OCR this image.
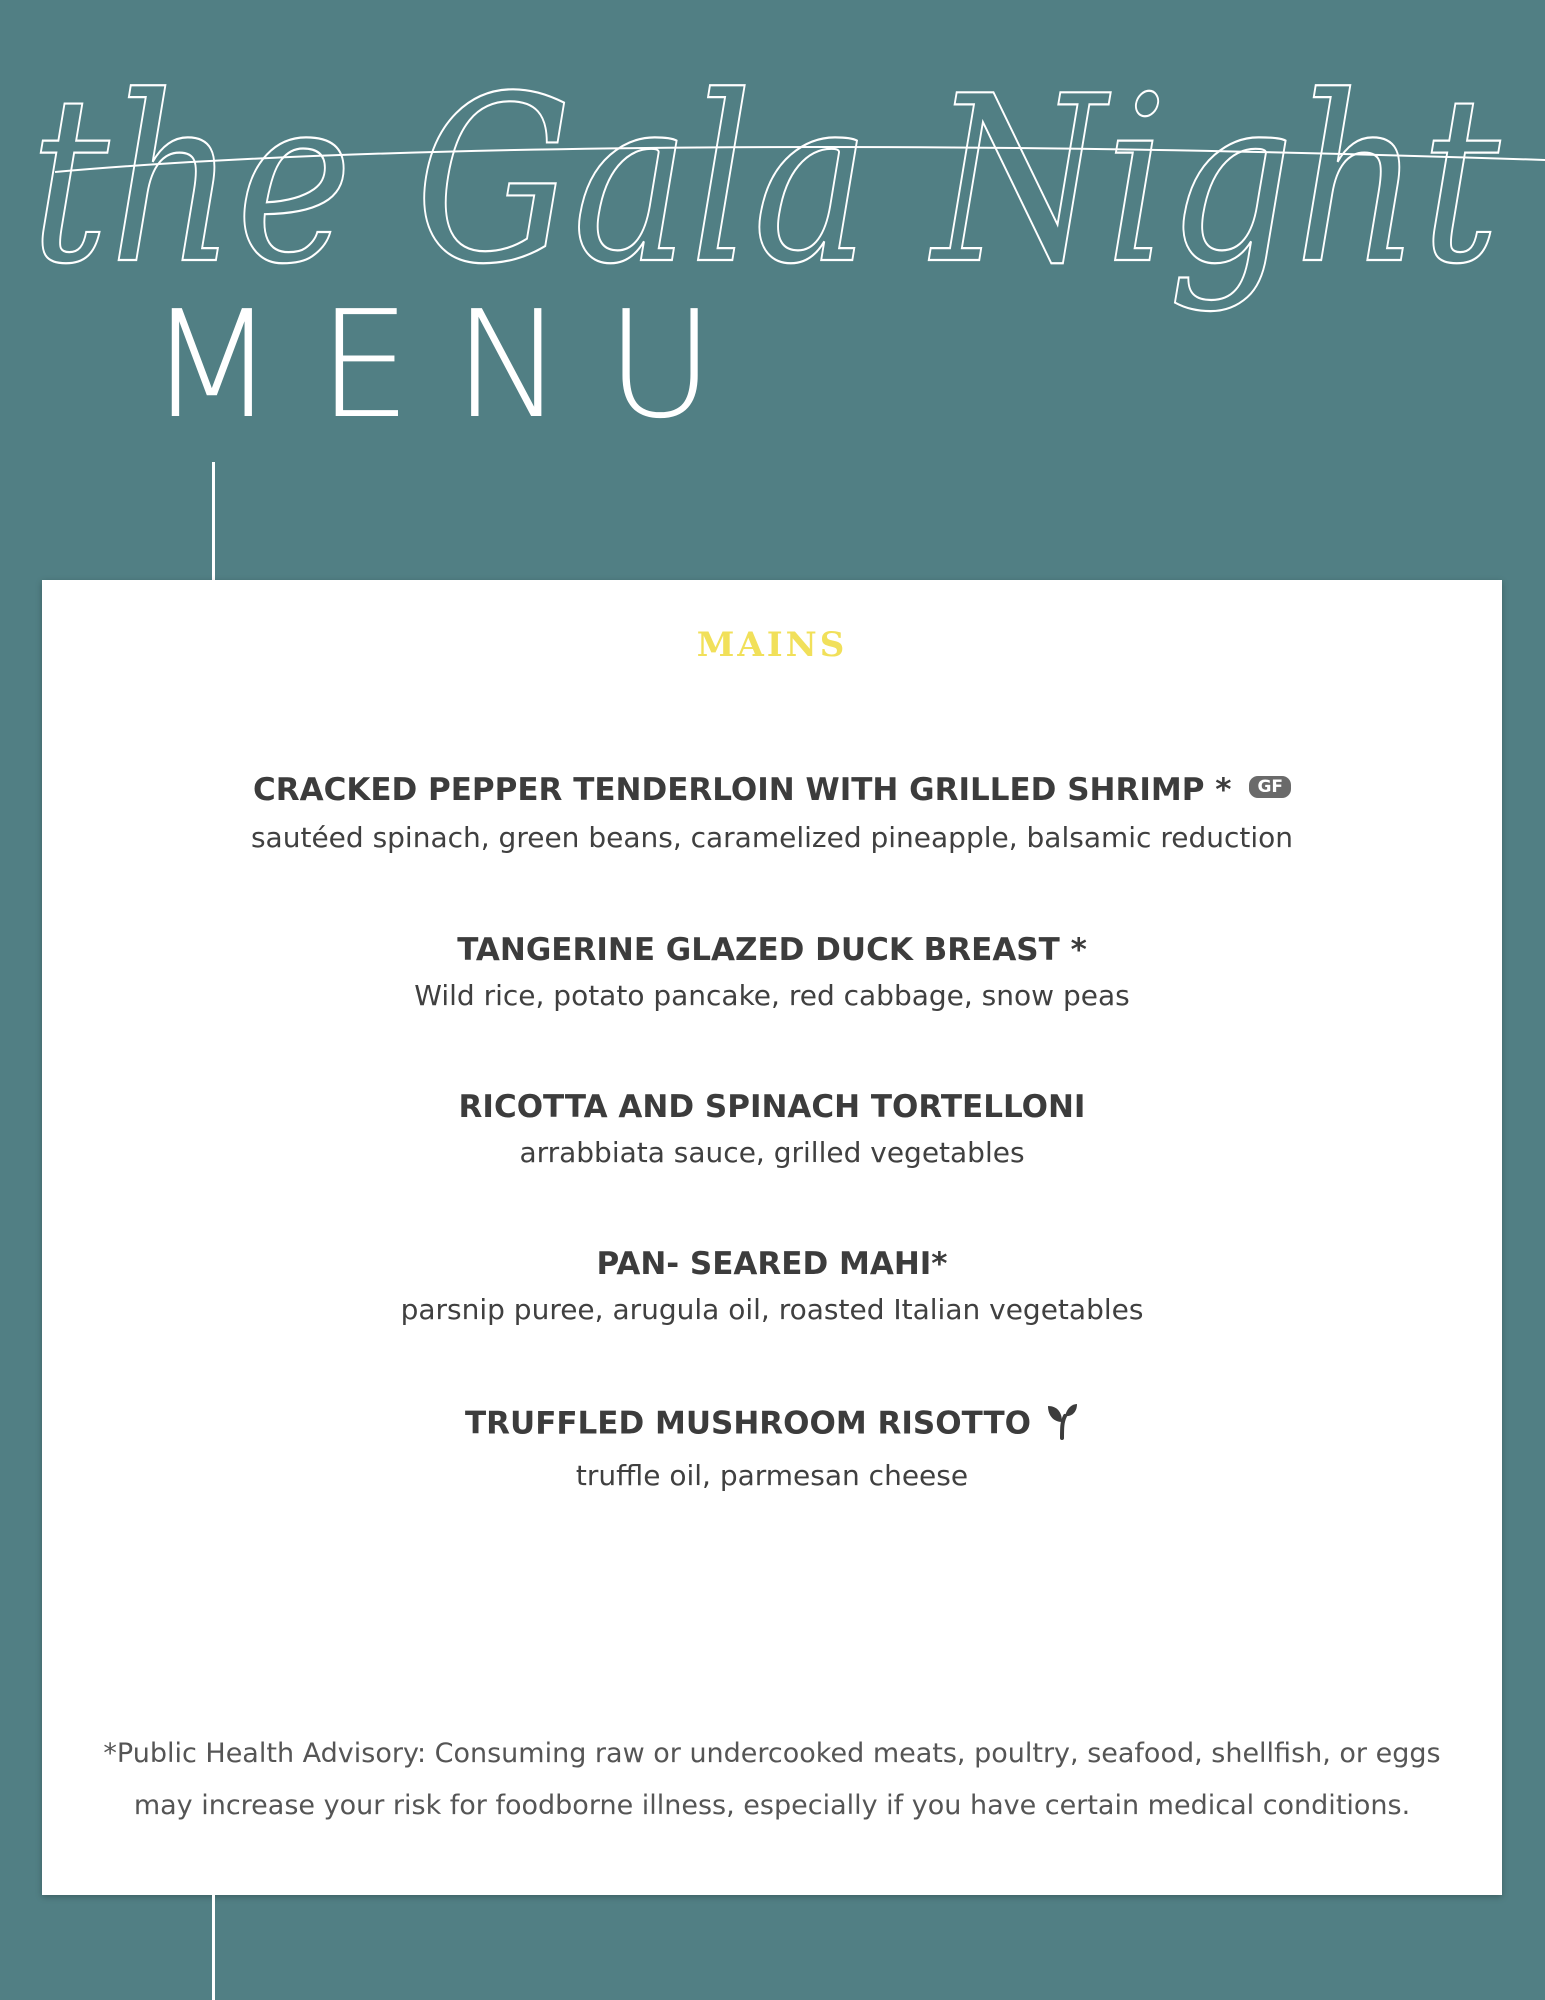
the Gala Night
MENU
MAINS

CRACKED PEPPER TENDERLOIN WITH GRILLED SHRIMP * GF

sautéed spinach, green beans, caramelized pineapple, balsamic reduction

TANGERINE GLAZED DUCK BREAST *

Wild rice, potato pancake, red cabbage, snow peas

RICOTTA AND SPINACH TORTELLONI

arrabbiata sauce, grilled vegetables

PAN- SEARED MAHI*

parsnip puree, arugula oil, roasted Italian vegetables

TRUFFLED MUSHROOM RISOTTO

truffle oil, parmesan cheese

*Public Health Advisory: Consuming raw or undercooked meats, poultry, seafood, shellfish, or eggs
may increase your risk for foodborne illness, especially if you have certain medical conditions.
